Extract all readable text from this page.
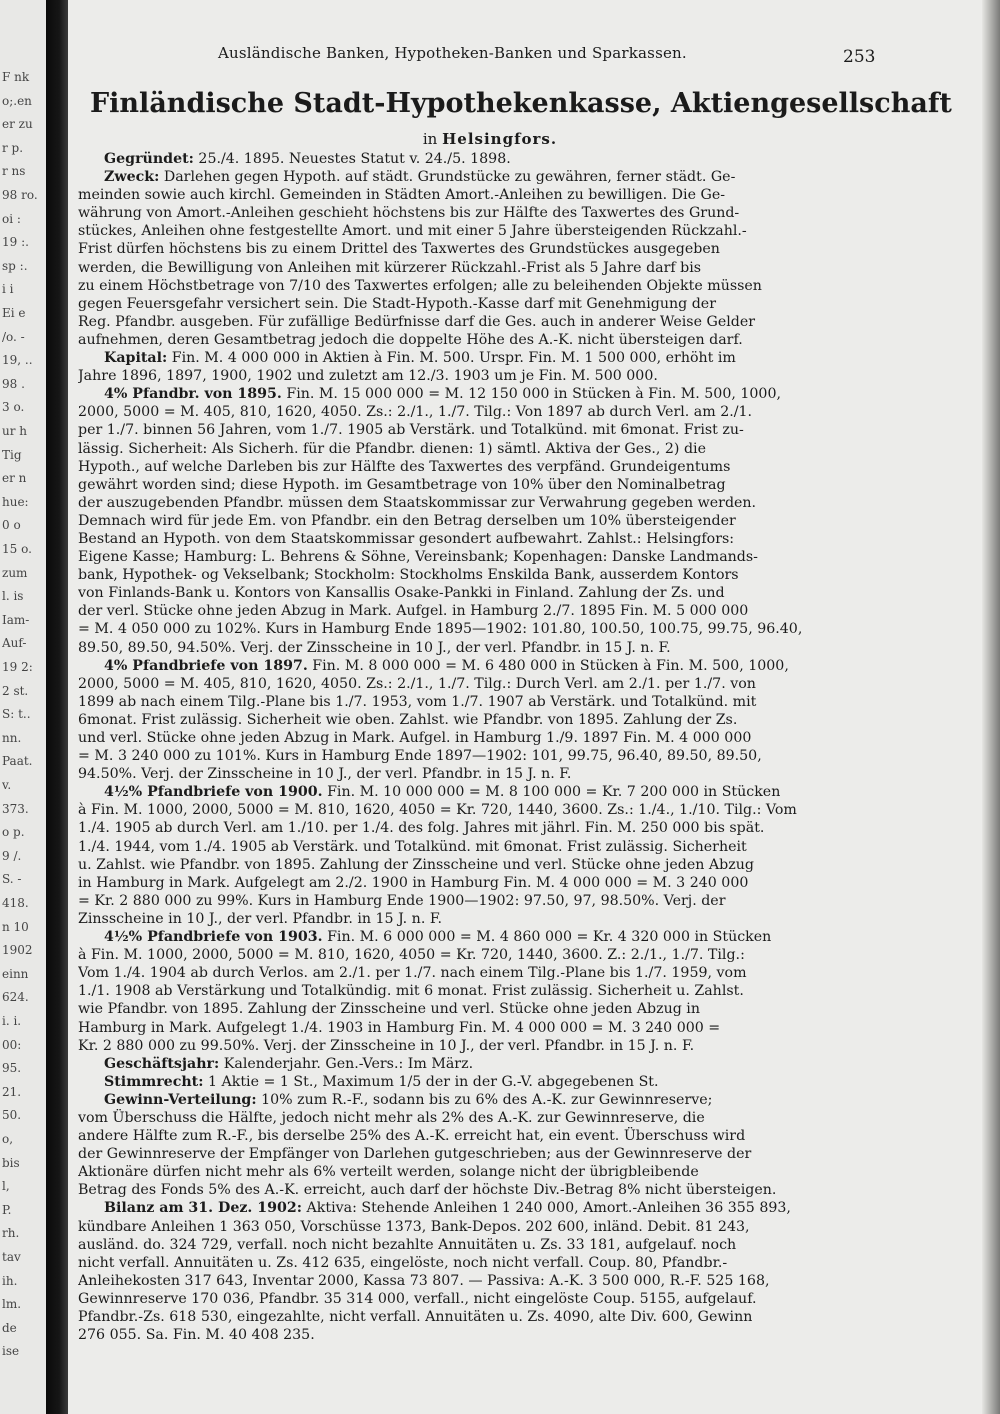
F nk
o;.en
er zu
r p.
r ns
98 ro.
oi :
19 :.
sp :.
i i
Ei e
/o. -
19, ..
98 .
3 o.
ur h
Tig
er n
hue:
0 o
15 o.
zum
l. is
Iam-
Auf-
19 2:
2 st.
S: t..
nn.
Paat.
v.
373.
o p.
9 /.
S. -
418.
n 10
1902
einn
624.
i. i.
00:
95.
21.
50.
o,
bis
l,
P.
rh.
tav
ih.
lm.
de
ise
Ausländische Banken, Hypotheken-Banken und Sparkassen.	253
Finländische Stadt-Hypothekenkasse, Aktiengesellschaft
in Helsingfors.
Gegründet: 25./4. 1895. Neuestes Statut v. 24./5. 1898.
Zweck: Darlehen gegen Hypoth. auf städt. Grundstücke zu gewähren, ferner städt. Ge-
meinden sowie auch kirchl. Gemeinden in Städten Amort.-Anleihen zu bewilligen. Die Ge-
währung von Amort.-Anleihen geschieht höchstens bis zur Hälfte des Taxwertes des Grund-
stückes, Anleihen ohne festgestellte Amort. und mit einer 5 Jahre übersteigenden Rückzahl.-
Frist dürfen höchstens bis zu einem Drittel des Taxwertes des Grundstückes ausgegeben
werden, die Bewilligung von Anleihen mit kürzerer Rückzahl.-Frist als 5 Jahre darf bis
zu einem Höchstbetrage von 7/10 des Taxwertes erfolgen; alle zu beleihenden Objekte müssen
gegen Feuersgefahr versichert sein. Die Stadt-Hypoth.-Kasse darf mit Genehmigung der
Reg. Pfandbr. ausgeben. Für zufällige Bedürfnisse darf die Ges. auch in anderer Weise Gelder
aufnehmen, deren Gesamtbetrag jedoch die doppelte Höhe des A.-K. nicht übersteigen darf.
Kapital: Fin. M. 4 000 000 in Aktien à Fin. M. 500. Urspr. Fin. M. 1 500 000, erhöht im
Jahre 1896, 1897, 1900, 1902 und zuletzt am 12./3. 1903 um je Fin. M. 500 000.
4% Pfandbr. von 1895. Fin. M. 15 000 000 = M. 12 150 000 in Stücken à Fin. M. 500, 1000,
2000, 5000 = M. 405, 810, 1620, 4050. Zs.: 2./1., 1./7. Tilg.: Von 1897 ab durch Verl. am 2./1.
per 1./7. binnen 56 Jahren, vom 1./7. 1905 ab Verstärk. und Totalkünd. mit 6monat. Frist zu-
lässig. Sicherheit: Als Sicherh. für die Pfandbr. dienen: 1) sämtl. Aktiva der Ges., 2) die
Hypoth., auf welche Darleben bis zur Hälfte des Taxwertes des verpfänd. Grundeigentums
gewährt worden sind; diese Hypoth. im Gesamtbetrage von 10% über den Nominalbetrag
der auszugebenden Pfandbr. müssen dem Staatskommissar zur Verwahrung gegeben werden.
Demnach wird für jede Em. von Pfandbr. ein den Betrag derselben um 10% übersteigender
Bestand an Hypoth. von dem Staatskommissar gesondert aufbewahrt. Zahlst.: Helsingfors:
Eigene Kasse; Hamburg: L. Behrens & Söhne, Vereinsbank; Kopenhagen: Danske Landmands-
bank, Hypothek- og Vekselbank; Stockholm: Stockholms Enskilda Bank, ausserdem Kontors
von Finlands-Bank u. Kontors von Kansallis Osake-Pankki in Finland. Zahlung der Zs. und
der verl. Stücke ohne jeden Abzug in Mark. Aufgel. in Hamburg 2./7. 1895 Fin. M. 5 000 000
= M. 4 050 000 zu 102%. Kurs in Hamburg Ende 1895—1902: 101.80, 100.50, 100.75, 99.75, 96.40,
89.50, 89.50, 94.50%. Verj. der Zinsscheine in 10 J., der verl. Pfandbr. in 15 J. n. F.
4% Pfandbriefe von 1897. Fin. M. 8 000 000 = M. 6 480 000 in Stücken à Fin. M. 500, 1000,
2000, 5000 = M. 405, 810, 1620, 4050. Zs.: 2./1., 1./7. Tilg.: Durch Verl. am 2./1. per 1./7. von
1899 ab nach einem Tilg.-Plane bis 1./7. 1953, vom 1./7. 1907 ab Verstärk. und Totalkünd. mit
6monat. Frist zulässig. Sicherheit wie oben. Zahlst. wie Pfandbr. von 1895. Zahlung der Zs.
und verl. Stücke ohne jeden Abzug in Mark. Aufgel. in Hamburg 1./9. 1897 Fin. M. 4 000 000
= M. 3 240 000 zu 101%. Kurs in Hamburg Ende 1897—1902: 101, 99.75, 96.40, 89.50, 89.50,
94.50%. Verj. der Zinsscheine in 10 J., der verl. Pfandbr. in 15 J. n. F.
4½% Pfandbriefe von 1900. Fin. M. 10 000 000 = M. 8 100 000 = Kr. 7 200 000 in Stücken
à Fin. M. 1000, 2000, 5000 = M. 810, 1620, 4050 = Kr. 720, 1440, 3600. Zs.: 1./4., 1./10. Tilg.: Vom
1./4. 1905 ab durch Verl. am 1./10. per 1./4. des folg. Jahres mit jährl. Fin. M. 250 000 bis spät.
1./4. 1944, vom 1./4. 1905 ab Verstärk. und Totalkünd. mit 6monat. Frist zulässig. Sicherheit
u. Zahlst. wie Pfandbr. von 1895. Zahlung der Zinsscheine und verl. Stücke ohne jeden Abzug
in Hamburg in Mark. Aufgelegt am 2./2. 1900 in Hamburg Fin. M. 4 000 000 = M. 3 240 000
= Kr. 2 880 000 zu 99%. Kurs in Hamburg Ende 1900—1902: 97.50, 97, 98.50%. Verj. der
Zinsscheine in 10 J., der verl. Pfandbr. in 15 J. n. F.
4½% Pfandbriefe von 1903. Fin. M. 6 000 000 = M. 4 860 000 = Kr. 4 320 000 in Stücken
à Fin. M. 1000, 2000, 5000 = M. 810, 1620, 4050 = Kr. 720, 1440, 3600. Z.: 2./1., 1./7. Tilg.:
Vom 1./4. 1904 ab durch Verlos. am 2./1. per 1./7. nach einem Tilg.-Plane bis 1./7. 1959, vom
1./1. 1908 ab Verstärkung und Totalkündig. mit 6 monat. Frist zulässig. Sicherheit u. Zahlst.
wie Pfandbr. von 1895. Zahlung der Zinsscheine und verl. Stücke ohne jeden Abzug in
Hamburg in Mark. Aufgelegt 1./4. 1903 in Hamburg Fin. M. 4 000 000 = M. 3 240 000 =
Kr. 2 880 000 zu 99.50%. Verj. der Zinsscheine in 10 J., der verl. Pfandbr. in 15 J. n. F.
Geschäftsjahr: Kalenderjahr. Gen.-Vers.: Im März.
Stimmrecht: 1 Aktie = 1 St., Maximum 1/5 der in der G.-V. abgegebenen St.
Gewinn-Verteilung: 10% zum R.-F., sodann bis zu 6% des A.-K. zur Gewinnreserve;
vom Überschuss die Hälfte, jedoch nicht mehr als 2% des A.-K. zur Gewinnreserve, die
andere Hälfte zum R.-F., bis derselbe 25% des A.-K. erreicht hat, ein event. Überschuss wird
der Gewinnreserve der Empfänger von Darlehen gutgeschrieben; aus der Gewinnreserve der
Aktionäre dürfen nicht mehr als 6% verteilt werden, solange nicht der übrigbleibende
Betrag des Fonds 5% des A.-K. erreicht, auch darf der höchste Div.-Betrag 8% nicht übersteigen.
Bilanz am 31. Dez. 1902: Aktiva: Stehende Anleihen 1 240 000, Amort.-Anleihen 36 355 893,
kündbare Anleihen 1 363 050, Vorschüsse 1373, Bank-Depos. 202 600, inländ. Debit. 81 243,
ausländ. do. 324 729, verfall. noch nicht bezahlte Annuitäten u. Zs. 33 181, aufgelauf. noch
nicht verfall. Annuitäten u. Zs. 412 635, eingelöste, noch nicht verfall. Coup. 80, Pfandbr.-
Anleihekosten 317 643, Inventar 2000, Kassa 73 807. — Passiva: A.-K. 3 500 000, R.-F. 525 168,
Gewinnreserve 170 036, Pfandbr. 35 314 000, verfall., nicht eingelöste Coup. 5155, aufgelauf.
Pfandbr.-Zs. 618 530, eingezahlte, nicht verfall. Annuitäten u. Zs. 4090, alte Div. 600, Gewinn
276 055. Sa. Fin. M. 40 408 235.
